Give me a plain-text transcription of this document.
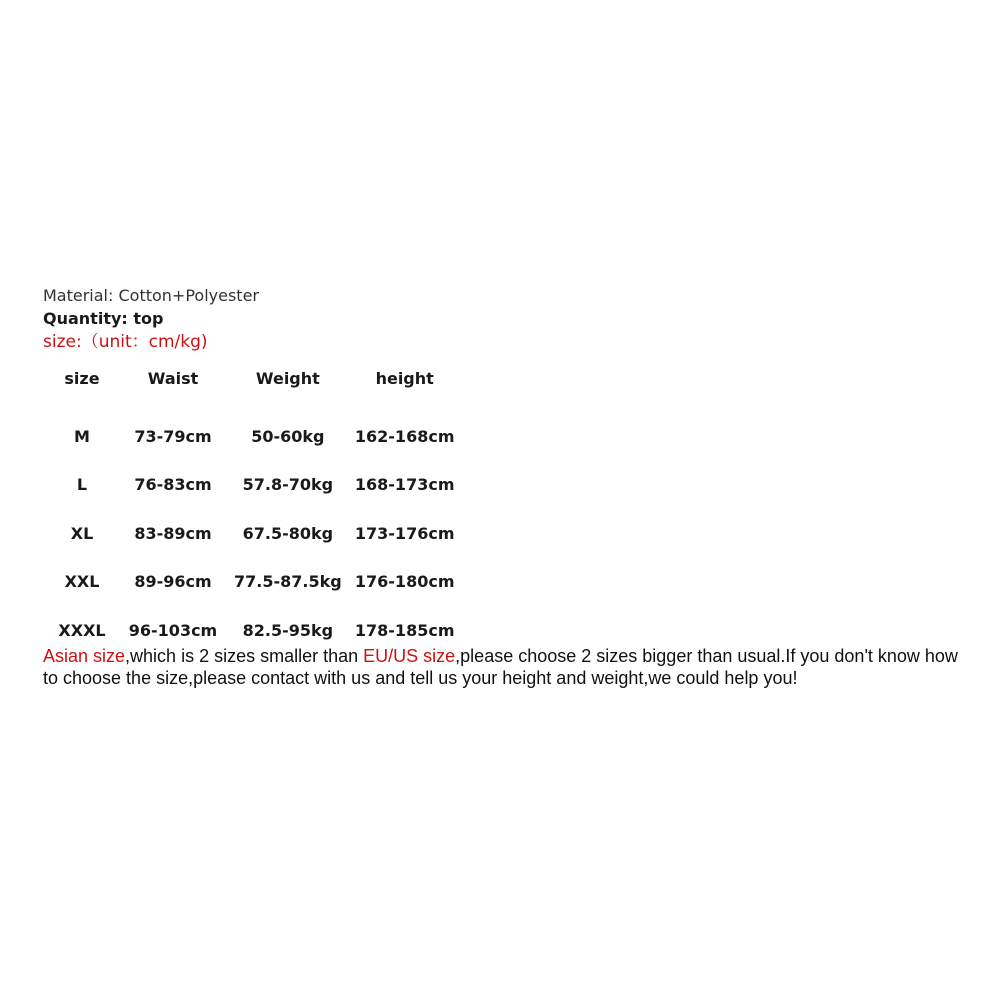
Material: Cotton+Polyester
Quantity: top
size:（unit：cm/kg)
size	Waist	Weight	height

M	73-79cm	50-60kg	162-168cm
L	76-83cm	57.8-70kg	168-173cm
XL	83-89cm	67.5-80kg	173-176cm
XXL	89-96cm	77.5-87.5kg	176-180cm
XXXL	96-103cm	82.5-95kg	178-185cm
Asian size,which is 2 sizes smaller than EU/US size,please choose 2 sizes bigger than usual.If you don't know how to choose the size,please contact with us and tell us your height and weight,we could help you!
